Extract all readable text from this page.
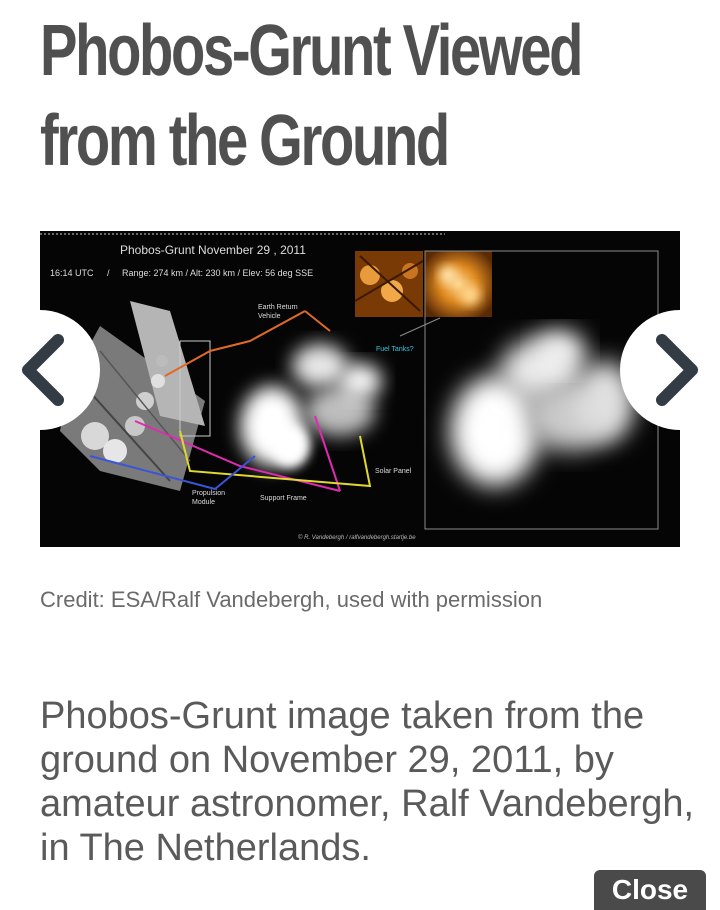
Phobos-Grunt Viewed
from the Ground
Phobos-Grunt November 29 , 2011
16:14 UTC / Range: 274 km / Alt: 230 km / Elev: 56 deg SSE
Earth Return
Vehicle
Fuel Tanks?
Solar Panel
Propulsion
Module
Support Frame
© R. Vandebergh / ralfvandebergh.startje.be
Credit: ESA/Ralf Vandebergh, used with permission

Phobos-Grunt image taken from the ground on November 29, 2011, by amateur astronomer, Ralf Vandebergh, in The Netherlands.

Close
